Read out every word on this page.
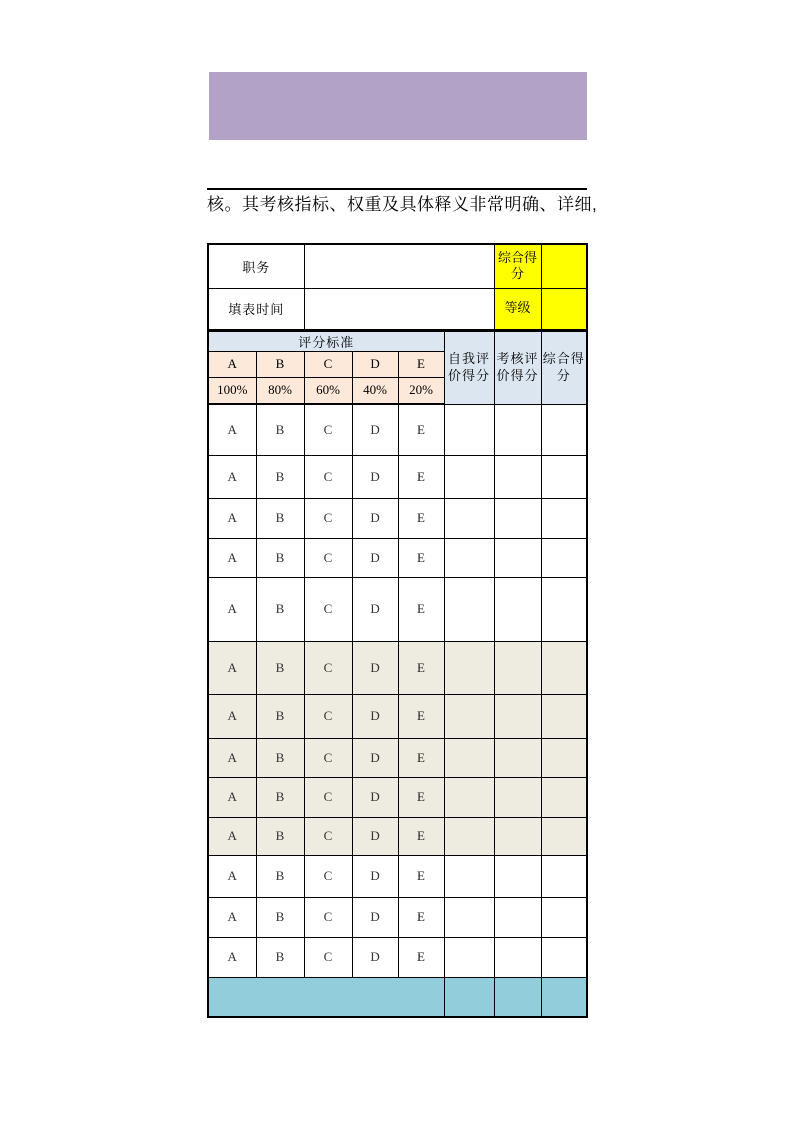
核。其考核指标、权重及具体释义非常明确、详细,
职务						综合得分	
填表时间						等级	
评分标准					自我评价得分	考核评价得分	综合得分
A	B	C	D	E			
100%	80%	60%	40%	20%			
A	B	C	D	E			
A	B	C	D	E			
A	B	C	D	E			
A	B	C	D	E			
A	B	C	D	E			
A	B	C	D	E			
A	B	C	D	E			
A	B	C	D	E			
A	B	C	D	E			
A	B	C	D	E			
A	B	C	D	E			
A	B	C	D	E			
A	B	C	D	E			
